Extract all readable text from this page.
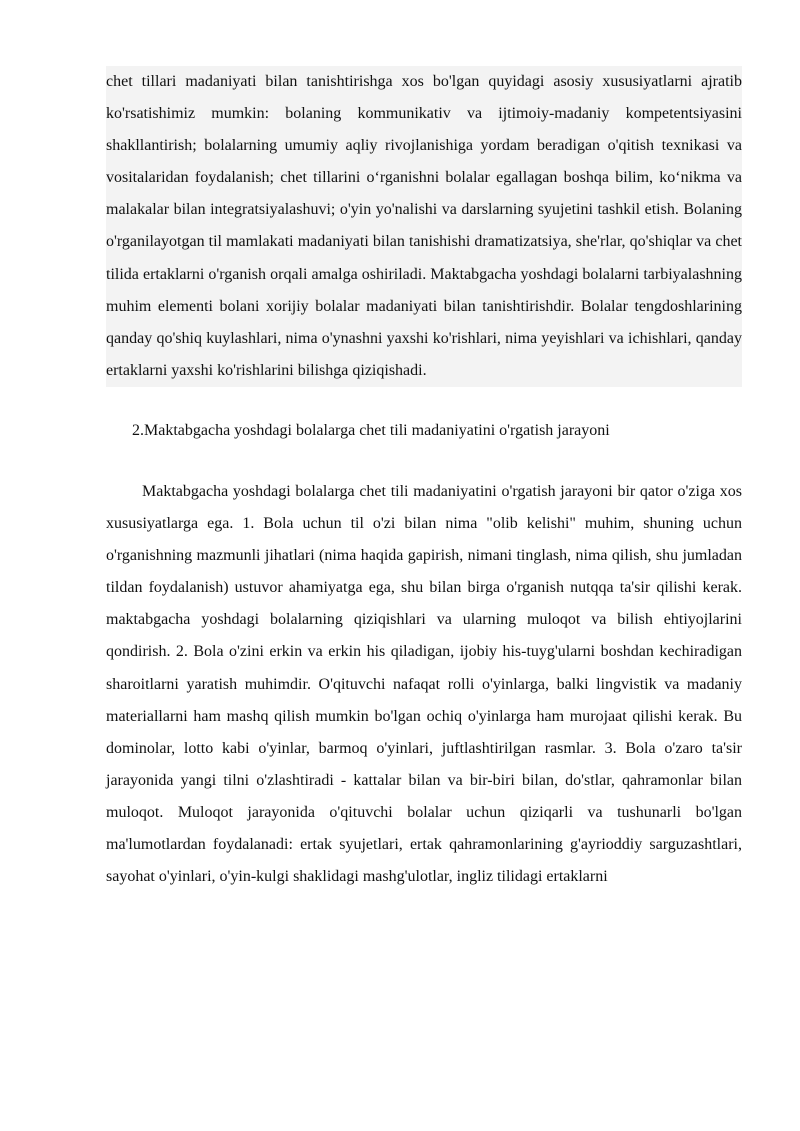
chet tillari madaniyati bilan tanishtirishga xos bo'lgan quyidagi asosiy xususiyatlarni ajratib ko'rsatishimiz mumkin: bolaning kommunikativ va ijtimoiy-madaniy kompetentsiyasini shakllantirish; bolalarning umumiy aqliy rivojlanishiga yordam beradigan o'qitish texnikasi va vositalaridan foydalanish; chet tillarini o‘rganishni bolalar egallagan boshqa bilim, ko‘nikma va malakalar bilan integratsiyalashuvi; o'yin yo'nalishi va darslarning syujetini tashkil etish. Bolaning o'rganilayotgan til mamlakati madaniyati bilan tanishishi dramatizatsiya, she'rlar, qo'shiqlar va chet tilida ertaklarni o'rganish orqali amalga oshiriladi. Maktabgacha yoshdagi bolalarni tarbiyalashning muhim elementi bolani xorijiy bolalar madaniyati bilan tanishtirishdir. Bolalar tengdoshlarining qanday qo'shiq kuylashlari, nima o'ynashni yaxshi ko'rishlari, nima yeyishlari va ichishlari, qanday ertaklarni yaxshi ko'rishlarini bilishga qiziqishadi.

2.Maktabgacha yoshdagi bolalarga chet tili madaniyatini o'rgatish jarayoni

Maktabgacha yoshdagi bolalarga chet tili madaniyatini o'rgatish jarayoni bir qator o'ziga xos xususiyatlarga ega. 1. Bola uchun til o'zi bilan nima "olib kelishi" muhim, shuning uchun o'rganishning mazmunli jihatlari (nima haqida gapirish, nimani tinglash, nima qilish, shu jumladan tildan foydalanish) ustuvor ahamiyatga ega, shu bilan birga o'rganish nutqqa ta'sir qilishi kerak. maktabgacha yoshdagi bolalarning qiziqishlari va ularning muloqot va bilish ehtiyojlarini qondirish. 2. Bola o'zini erkin va erkin his qiladigan, ijobiy his-tuyg'ularni boshdan kechiradigan sharoitlarni yaratish muhimdir. O'qituvchi nafaqat rolli o'yinlarga, balki lingvistik va madaniy materiallarni ham mashq qilish mumkin bo'lgan ochiq o'yinlarga ham murojaat qilishi kerak. Bu dominolar, lotto kabi o'yinlar, barmoq o'yinlari, juftlashtirilgan rasmlar. 3. Bola o'zaro ta'sir jarayonida yangi tilni o'zlashtiradi - kattalar bilan va bir-biri bilan, do'stlar, qahramonlar bilan muloqot. Muloqot jarayonida o'qituvchi bolalar uchun qiziqarli va tushunarli bo'lgan ma'lumotlardan foydalanadi: ertak syujetlari, ertak qahramonlarining g'ayrioddiy sarguzashtlari, sayohat o'yinlari, o'yin-kulgi shaklidagi mashg'ulotlar, ingliz tilidagi ertaklarni
